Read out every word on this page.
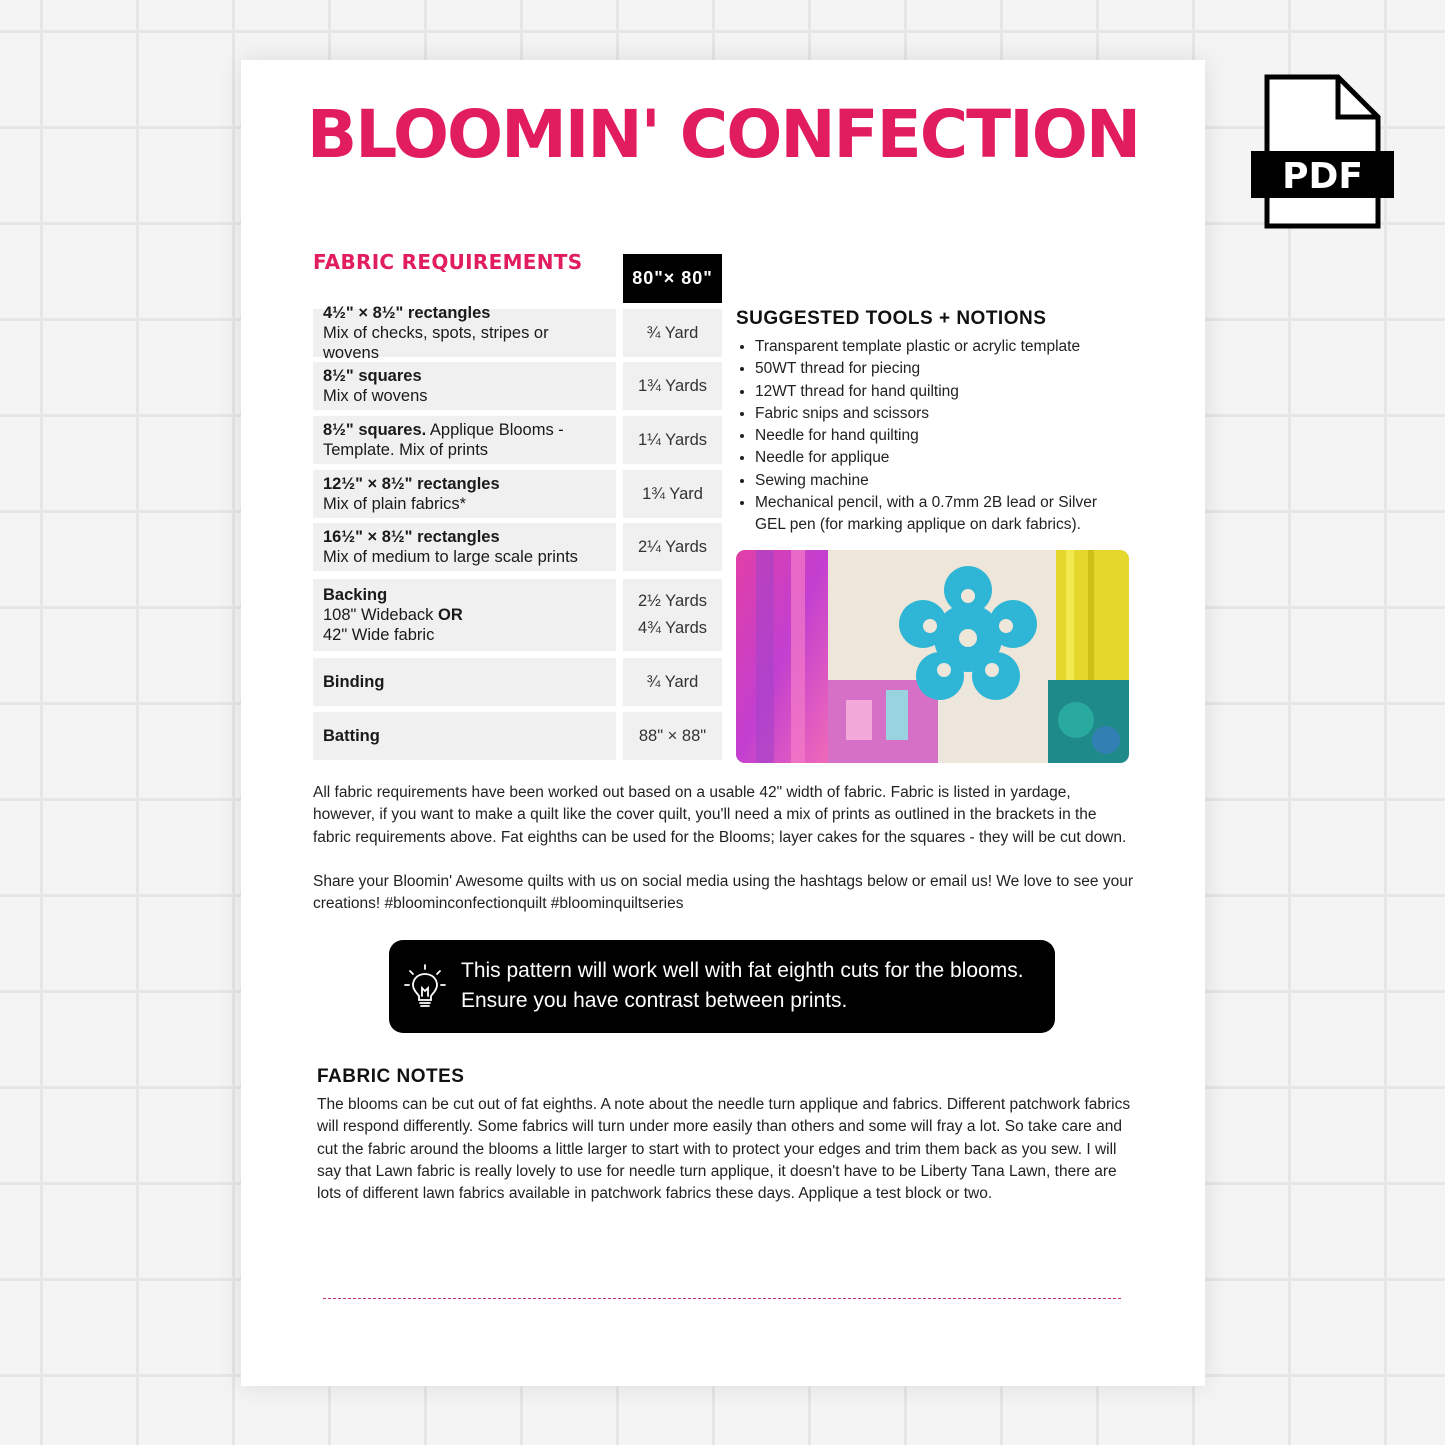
BLOOMIN' CONFECTION
FABRIC REQUIREMENTS
80"× 80"
4½" × 8½" rectangles
Mix of checks, spots, stripes or wovens
¾ Yard
8½" squares
Mix of wovens
1¾ Yards
8½" squares. Applique Blooms -
Template. Mix of prints
1¼ Yards
12½" × 8½" rectangles
Mix of plain fabrics*
1¾ Yard
16½" × 8½" rectangles
Mix of medium to large scale prints
2¼ Yards
Backing
108" Wideback OR
42" Wide fabric
2½ Yards
4¾ Yards
Binding	¾ Yard
Batting	88" × 88"
SUGGESTED TOOLS + NOTIONS
• Transparent template plastic or acrylic template
• 50WT thread for piecing
• 12WT thread for hand quilting
• Fabric snips and scissors
• Needle for hand quilting
• Needle for applique
• Sewing machine
• Mechanical pencil, with a 0.7mm 2B lead or Silver GEL pen (for marking applique on dark fabrics).

All fabric requirements have been worked out based on a usable 42" width of fabric. Fabric is listed in yardage, however, if you want to make a quilt like the cover quilt, you'll need a mix of prints as outlined in the brackets in the fabric requirements above. Fat eighths can be used for the Blooms; layer cakes for the squares - they will be cut down.

Share your Bloomin' Awesome quilts with us on social media using the hashtags below or email us! We love to see your creations! #bloominconfectionquilt #bloominquiltseries

This pattern will work well with fat eighth cuts for the blooms.
Ensure you have contrast between prints.

FABRIC NOTES

The blooms can be cut out of fat eighths. A note about the needle turn applique and fabrics. Different patchwork fabrics will respond differently. Some fabrics will turn under more easily than others and some will fray a lot. So take care and cut the fabric around the blooms a little larger to start with to protect your edges and trim them back as you sew. I will say that Lawn fabric is really lovely to use for needle turn applique, it doesn't have to be Liberty Tana Lawn, there are lots of different lawn fabrics available in patchwork fabrics these days. Applique a test block or two.

PDF
